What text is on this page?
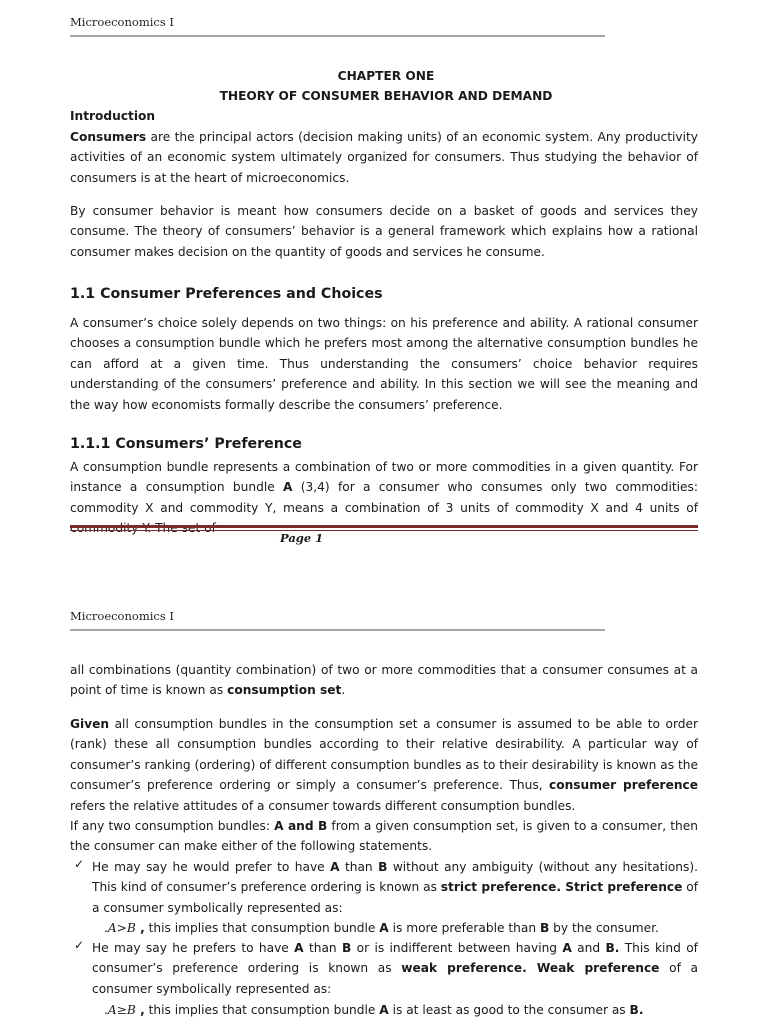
Microeconomics I
CHAPTER ONE
THEORY OF CONSUMER BEHAVIOR AND DEMAND
Introduction
Consumers are the principal actors (decision making units) of an economic system. Any productivity activities of an economic system ultimately organized for consumers. Thus studying the behavior of consumers is at the heart of microeconomics.
By consumer behavior is meant how consumers decide on a basket of goods and services they consume. The theory of consumers’ behavior is a general framework which explains how a rational consumer makes decision on the quantity of goods and services he consume.
1.1 Consumer Preferences and Choices
A consumer’s choice solely depends on two things: on his preference and ability. A rational consumer chooses a consumption bundle which he prefers most among the alternative consumption bundles he can afford at a given time. Thus understanding the consumers’ choice behavior requires understanding of the consumers’ preference and ability. In this section we will see the meaning and the way how economists formally describe the consumers’ preference.
1.1.1 Consumers’ Preference
A consumption bundle represents a combination of two or more commodities in a given quantity. For instance a consumption bundle A (3,4) for a consumer who consumes only two commodities: commodity X and commodity Y, means a combination of 3 units of commodity X and 4 units of commodity Y. The set of
Page 1
Microeconomics I
all combinations (quantity combination) of two or more commodities that a consumer consumes at a point of time is known as consumption set.
Given all consumption bundles in the consumption set a consumer is assumed to be able to order (rank) these all consumption bundles according to their relative desirability. A particular way of consumer’s ranking (ordering) of different consumption bundles as to their desirability is known as the consumer’s preference ordering or simply a consumer’s preference. Thus, consumer preference refers the relative attitudes of a consumer towards different consumption bundles.
If any two consumption bundles: A and B from a given consumption set, is given to a consumer, then the consumer can make either of the following statements.
✓ He may say he would prefer to have A than B without any ambiguity (without any hesitations). This kind of consumer’s preference ordering is known as strict preference. Strict preference of a consumer symbolically represented as:
.A>B , this implies that consumption bundle A is more preferable than B by the consumer.
✓ He may say he prefers to have A than B or is indifferent between having A and B. This kind of consumer’s preference ordering is known as weak preference. Weak preference of a consumer symbolically represented as:
.A≥B , this implies that consumption bundle A is at least as good to the consumer as B.
